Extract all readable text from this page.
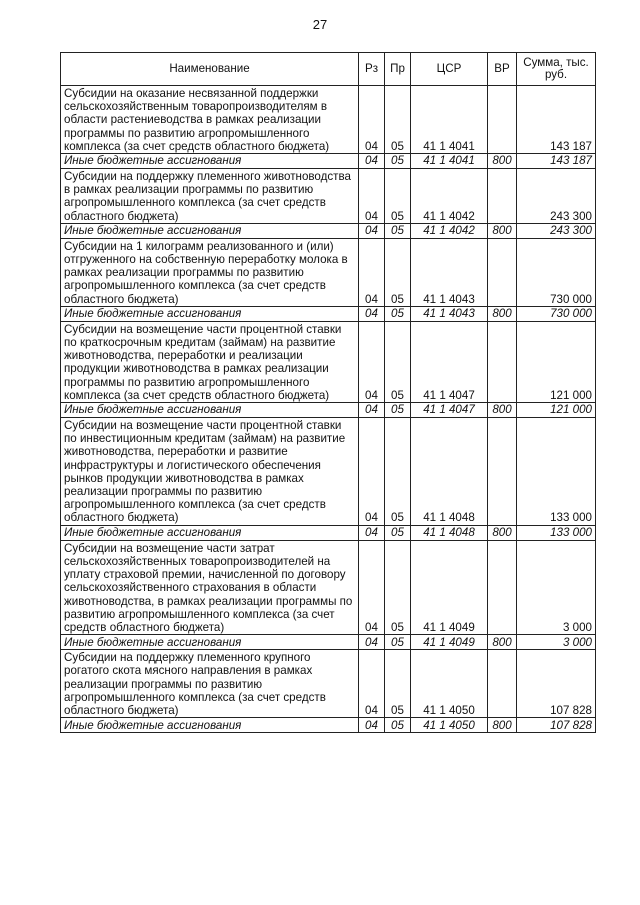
27
Наименование	Рз	Пр	ЦСР	ВР	Сумма, тыс. руб.
Субсидии на оказание несвязанной поддержки сельскохозяйственным товаропроизводителям в области растениеводства в рамках реализации программы по развитию агропромышленного комплекса (за счет средств областного бюджета)	04	05	41 1 4041		143 187
Иные бюджетные ассигнования	04	05	41 1 4041	800	143 187
Субсидии на поддержку племенного животноводства в рамках реализации программы по развитию агропромышленного комплекса (за счет средств областного бюджета)	04	05	41 1 4042		243 300
Иные бюджетные ассигнования	04	05	41 1 4042	800	243 300
Субсидии на 1 килограмм реализованного и (или) отгруженного на собственную переработку молока в рамках реализации программы по развитию агропромышленного комплекса (за счет средств областного бюджета)	04	05	41 1 4043		730 000
Иные бюджетные ассигнования	04	05	41 1 4043	800	730 000
Субсидии на возмещение части процентной ставки по краткосрочным кредитам (займам) на развитие животноводства, переработки и реализации продукции животноводства в рамках реализации программы по развитию агропромышленного комплекса (за счет средств областного бюджета)	04	05	41 1 4047		121 000
Иные бюджетные ассигнования	04	05	41 1 4047	800	121 000
Субсидии на возмещение части процентной ставки по инвестиционным кредитам (займам) на развитие животноводства, переработки и развитие инфраструктуры и логистического обеспечения рынков продукции животноводства в рамках реализации программы по развитию агропромышленного комплекса (за счет средств областного бюджета)	04	05	41 1 4048		133 000
Иные бюджетные ассигнования	04	05	41 1 4048	800	133 000
Субсидии на возмещение части затрат сельскохозяйственных товаропроизводителей на уплату страховой премии, начисленной по договору сельскохозяйственного страхования в области животноводства, в рамках реализации программы по развитию агропромышленного комплекса (за счет средств областного бюджета)	04	05	41 1 4049		3 000
Иные бюджетные ассигнования	04	05	41 1 4049	800	3 000
Субсидии на поддержку племенного крупного рогатого скота мясного направления в рамках реализации программы по развитию агропромышленного комплекса (за счет средств областного бюджета)	04	05	41 1 4050		107 828
Иные бюджетные ассигнования	04	05	41 1 4050	800	107 828
